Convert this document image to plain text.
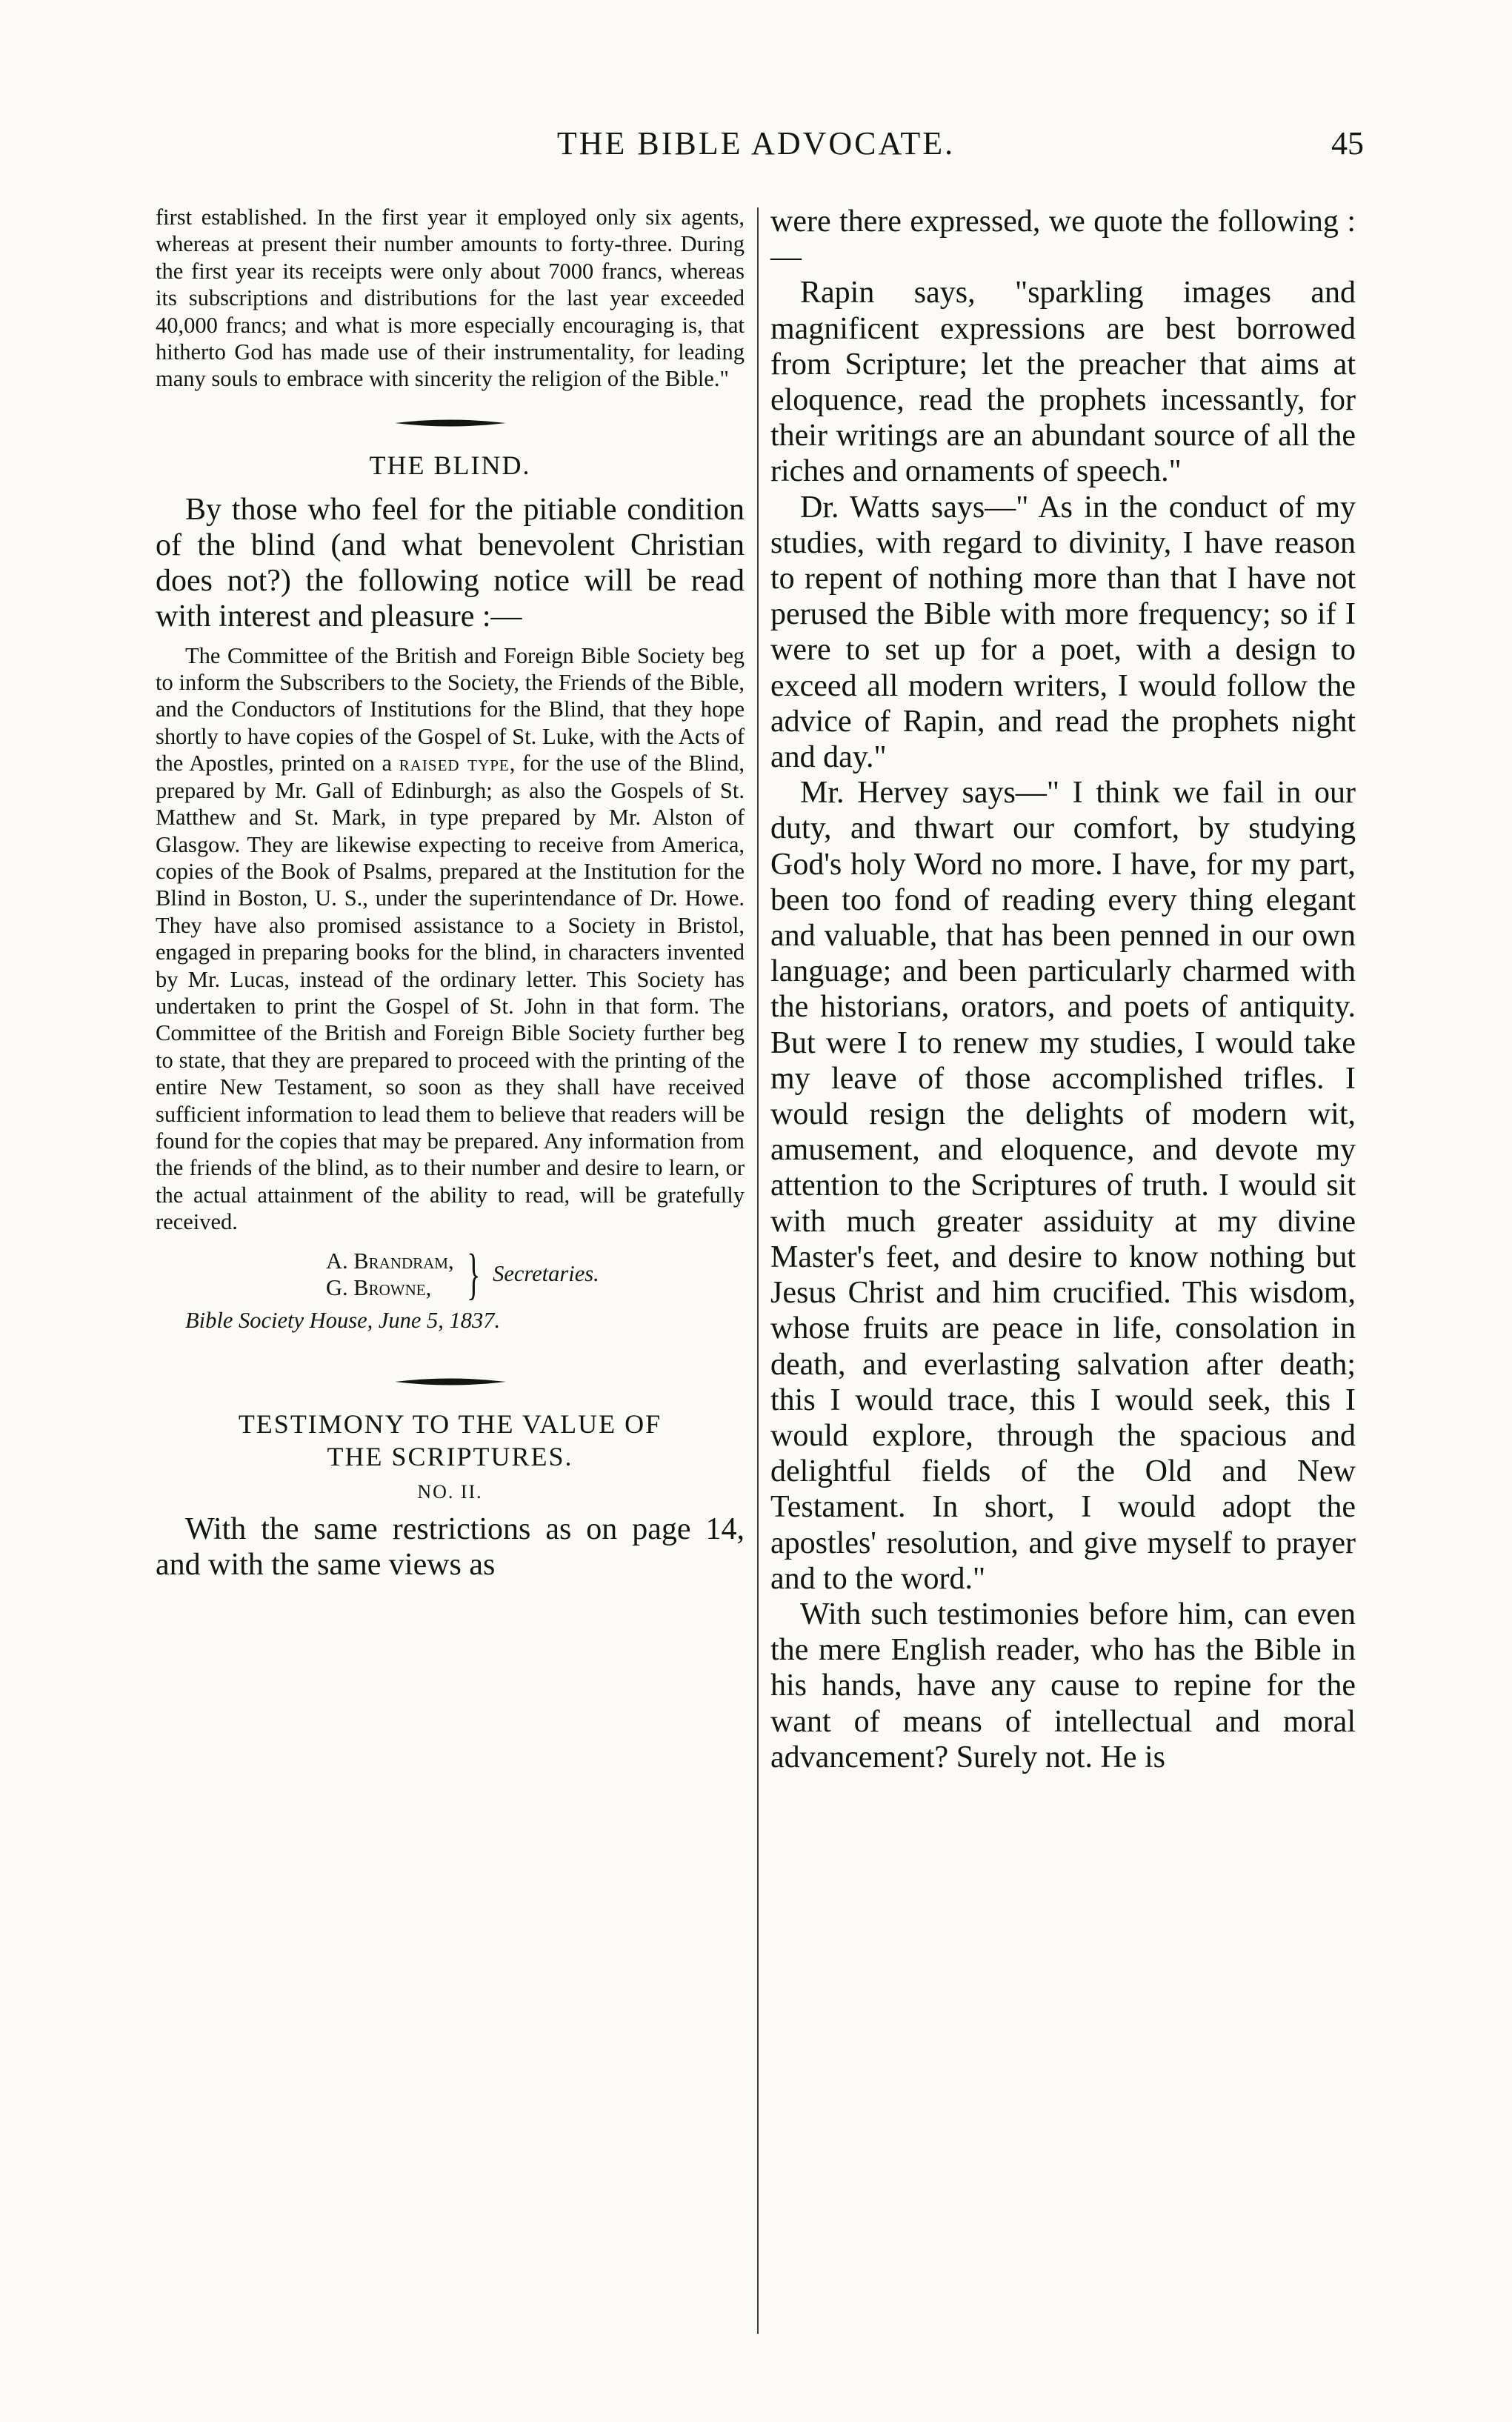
THE BIBLE ADVOCATE.	45

first established. In the first year it employed only six agents, whereas at present their number amounts to forty-three. During the first year its receipts were only about 7000 francs, whereas its subscriptions and distributions for the last year exceeded 40,000 francs; and what is more especially encouraging is, that hitherto God has made use of their instrumentality, for leading many souls to embrace with sincerity the religion of the Bible."

THE BLIND.

By those who feel for the pitiable condition of the blind (and what benevolent Christian does not?) the following notice will be read with interest and pleasure :—

The Committee of the British and Foreign Bible Society beg to inform the Subscribers to the Society, the Friends of the Bible, and the Conductors of Institutions for the Blind, that they hope shortly to have copies of the Gospel of St. Luke, with the Acts of the Apostles, printed on a raised type, for the use of the Blind, prepared by Mr. Gall of Edinburgh; as also the Gospels of St. Matthew and St. Mark, in type prepared by Mr. Alston of Glasgow. They are likewise expecting to receive from America, copies of the Book of Psalms, prepared at the Institution for the Blind in Boston, U. S., under the superintendance of Dr. Howe. They have also promised assistance to a Society in Bristol, engaged in preparing books for the blind, in characters invented by Mr. Lucas, instead of the ordinary letter. This Society has undertaken to print the Gospel of St. John in that form. The Committee of the British and Foreign Bible Society further beg to state, that they are prepared to proceed with the printing of the entire New Testament, so soon as they shall have received sufficient information to lead them to believe that readers will be found for the copies that may be prepared. Any information from the friends of the blind, as to their number and desire to learn, or the actual attainment of the ability to read, will be gratefully received.

A. Brandram,
G. Browne, } Secretaries.
Bible Society House, June 5, 1837.
TESTIMONY TO THE VALUE OF
THE SCRIPTURES.
NO. II.

With the same restrictions as on page 14, and with the same views as

were there expressed, we quote the following :—

Rapin says, "sparkling images and magnificent expressions are best borrowed from Scripture; let the preacher that aims at eloquence, read the prophets incessantly, for their writings are an abundant source of all the riches and ornaments of speech."

Dr. Watts says—" As in the conduct of my studies, with regard to divinity, I have reason to repent of nothing more than that I have not perused the Bible with more frequency; so if I were to set up for a poet, with a design to exceed all modern writers, I would follow the advice of Rapin, and read the prophets night and day."

Mr. Hervey says—" I think we fail in our duty, and thwart our comfort, by studying God's holy Word no more. I have, for my part, been too fond of reading every thing elegant and valuable, that has been penned in our own language; and been particularly charmed with the historians, orators, and poets of antiquity. But were I to renew my studies, I would take my leave of those accomplished trifles. I would resign the delights of modern wit, amusement, and eloquence, and devote my attention to the Scriptures of truth. I would sit with much greater assiduity at my divine Master's feet, and desire to know nothing but Jesus Christ and him crucified. This wisdom, whose fruits are peace in life, consolation in death, and everlasting salvation after death; this I would trace, this I would seek, this I would explore, through the spacious and delightful fields of the Old and New Testament. In short, I would adopt the apostles' resolution, and give myself to prayer and to the word."

With such testimonies before him, can even the mere English reader, who has the Bible in his hands, have any cause to repine for the want of means of intellectual and moral advancement? Surely not. He is
